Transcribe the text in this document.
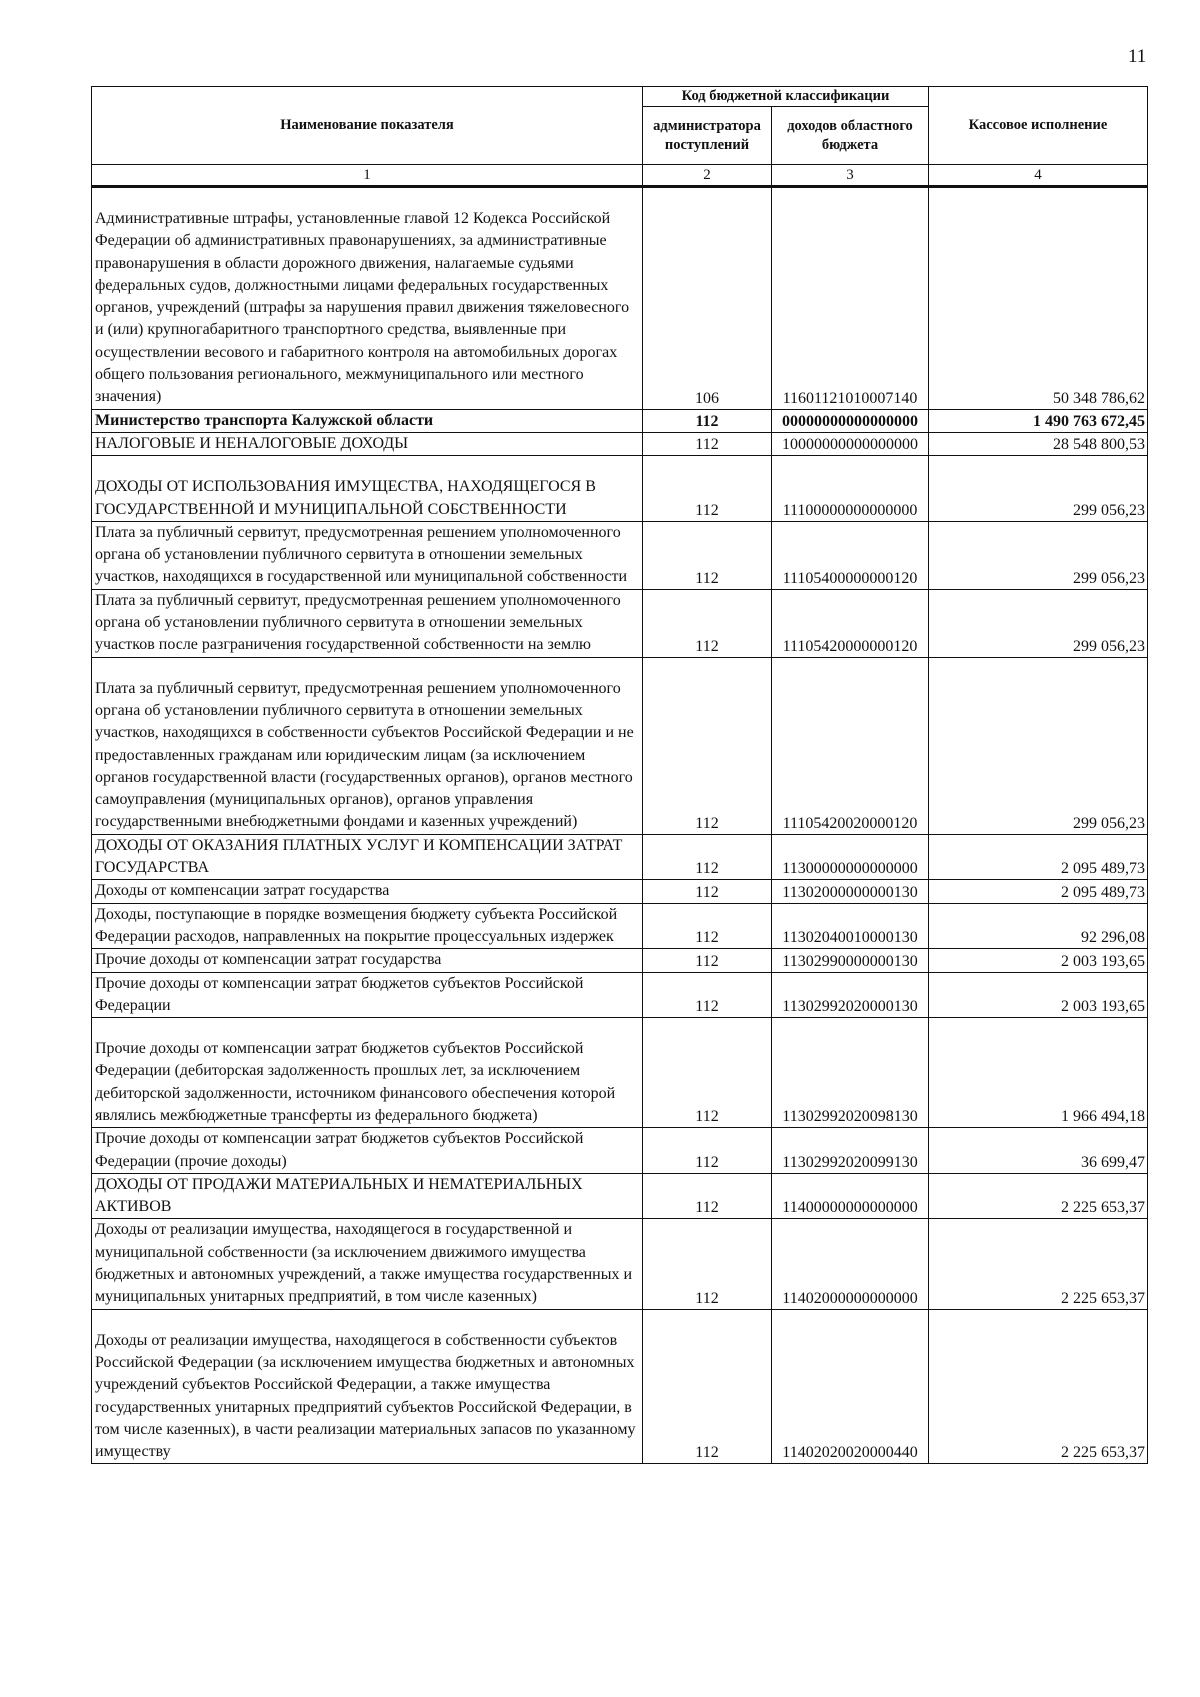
11
Наименование показателя	Код бюджетной классификации		Кассовое исполнение
	администратора поступлений	доходов областного бюджета	
1	2	3	4
Административные штрафы, установленные главой 12 Кодекса Российской Федерации об административных правонарушениях, за административные правонарушения в области дорожного движения, налагаемые судьями федеральных судов, должностными лицами федеральных государственных органов, учреждений (штрафы за нарушения правил движения тяжеловесного и (или) крупногабаритного транспортного средства, выявленные при осуществлении весового и габаритного контроля на автомобильных дорогах общего пользования регионального, межмуниципального или местного значения)	106	11601121010007140	50 348 786,62
Министерство транспорта Калужской области	112	00000000000000000	1 490 763 672,45
НАЛОГОВЫЕ И НЕНАЛОГОВЫЕ ДОХОДЫ	112	10000000000000000	28 548 800,53
ДОХОДЫ ОТ ИСПОЛЬЗОВАНИЯ ИМУЩЕСТВА, НАХОДЯЩЕГОСЯ В ГОСУДАРСТВЕННОЙ И МУНИЦИПАЛЬНОЙ СОБСТВЕННОСТИ	112	11100000000000000	299 056,23
Плата за публичный сервитут, предусмотренная решением уполномоченного органа об установлении публичного сервитута в отношении земельных участков, находящихся в государственной или муниципальной собственности	112	11105400000000120	299 056,23
Плата за публичный сервитут, предусмотренная решением уполномоченного органа об установлении публичного сервитута в отношении земельных участков после разграничения государственной собственности на землю	112	11105420000000120	299 056,23
Плата за публичный сервитут, предусмотренная решением уполномоченного органа об установлении публичного сервитута в отношении земельных участков, находящихся в собственности субъектов Российской Федерации и не предоставленных гражданам или юридическим лицам (за исключением органов государственной власти (государственных органов), органов местного самоуправления (муниципальных органов), органов управления государственными внебюджетными фондами и казенных учреждений)	112	11105420020000120	299 056,23
ДОХОДЫ ОТ ОКАЗАНИЯ ПЛАТНЫХ УСЛУГ И КОМПЕНСАЦИИ ЗАТРАТ ГОСУДАРСТВА	112	11300000000000000	2 095 489,73
Доходы от компенсации затрат государства	112	11302000000000130	2 095 489,73
Доходы, поступающие в порядке возмещения бюджету субъекта Российской Федерации расходов, направленных на покрытие процессуальных издержек	112	11302040010000130	92 296,08
Прочие доходы от компенсации затрат государства	112	11302990000000130	2 003 193,65
Прочие доходы от компенсации затрат бюджетов субъектов Российской Федерации	112	11302992020000130	2 003 193,65
Прочие доходы от компенсации затрат бюджетов субъектов Российской Федерации (дебиторская задолженность прошлых лет, за исключением дебиторской задолженности, источником финансового обеспечения которой являлись межбюджетные трансферты из федерального бюджета)	112	11302992020098130	1 966 494,18
Прочие доходы от компенсации затрат бюджетов субъектов Российской Федерации (прочие доходы)	112	11302992020099130	36 699,47
ДОХОДЫ ОТ ПРОДАЖИ МАТЕРИАЛЬНЫХ И НЕМАТЕРИАЛЬНЫХ АКТИВОВ	112	11400000000000000	2 225 653,37
Доходы от реализации имущества, находящегося в государственной и муниципальной собственности (за исключением движимого имущества бюджетных и автономных учреждений, а также имущества государственных и муниципальных унитарных предприятий, в том числе казенных)	112	11402000000000000	2 225 653,37
Доходы от реализации имущества, находящегося в собственности субъектов Российской Федерации (за исключением имущества бюджетных и автономных учреждений субъектов Российской Федерации, а также имущества государственных унитарных предприятий субъектов Российской Федерации, в том числе казенных), в части реализации материальных запасов по указанному имуществу	112	11402020020000440	2 225 653,37
